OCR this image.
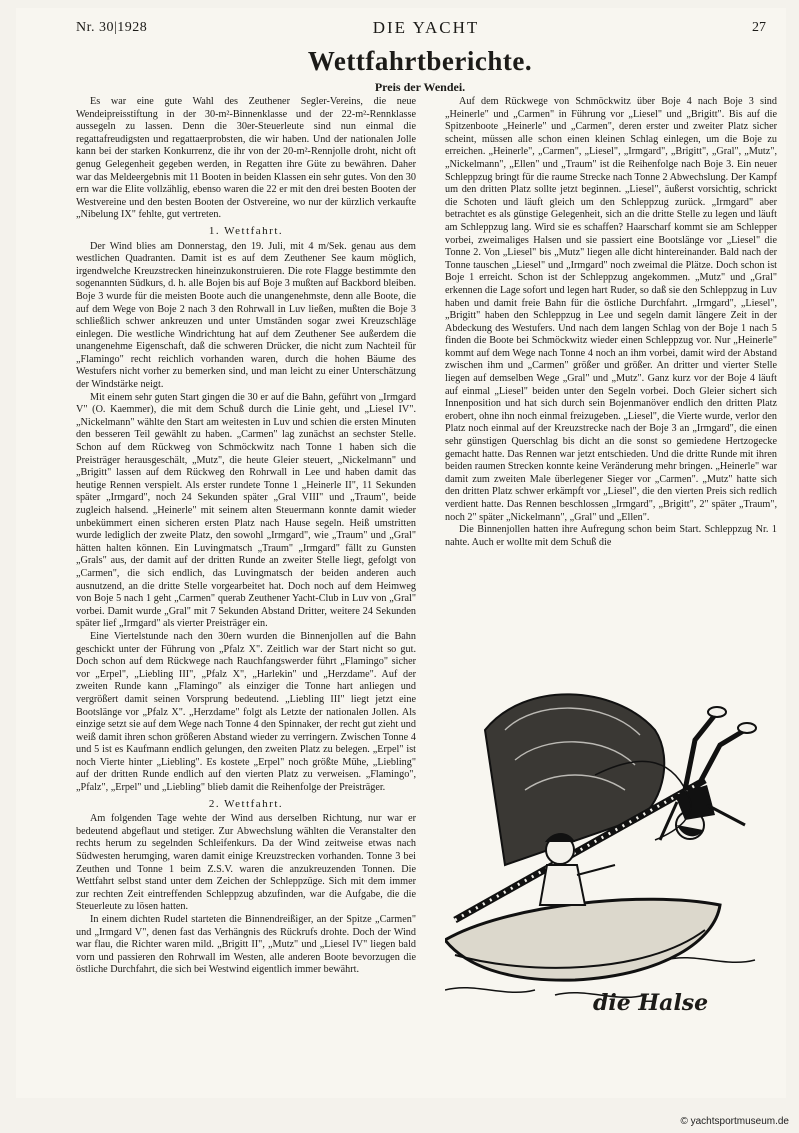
Nr. 30|1928	DIE YACHT	27
Wettfahrtberichte.
Preis der Wendei.

Es war eine gute Wahl des Zeuthener Segler-Vereins, die neue Wendeipreisstiftung in der 30-m²-Binnenklasse und der 22-m²-Rennklasse aussegeln zu lassen. Denn die 30er-Steuerleute sind nun einmal die regattafreudigsten und regattaerprobsten, die wir haben. Und der nationalen Jolle kann bei der starken Konkurrenz, die ihr von der 20-m²-Rennjolle droht, nicht oft genug Gelegenheit gegeben werden, in Regatten ihre Güte zu bewähren. Daher war das Meldeergebnis mit 11 Booten in beiden Klassen ein sehr gutes. Von den 30 ern war die Elite vollzählig, ebenso waren die 22 er mit den drei besten Booten der Westvereine und den besten Booten der Ostvereine, wo nur der kürzlich verkaufte „Nibelung IX" fehlte, gut vertreten.

1. Wettfahrt.

Der Wind blies am Donnerstag, den 19. Juli, mit 4 m/Sek. genau aus dem westlichen Quadranten. Damit ist es auf dem Zeuthener See kaum möglich, irgendwelche Kreuzstrecken hineinzukonstruieren. Die rote Flagge bestimmte den sogenannten Südkurs, d. h. alle Bojen bis auf Boje 3 mußten auf Backbord bleiben. Boje 3 wurde für die meisten Boote auch die unangenehmste, denn alle Boote, die auf dem Wege von Boje 2 nach 3 den Rohrwall in Luv ließen, mußten die Boje 3 schließlich schwer ankreuzen und unter Umständen sogar zwei Kreuzschläge einlegen. Die westliche Windrichtung hat auf dem Zeuthener See außerdem die unangenehme Eigenschaft, daß die schweren Drücker, die nicht zum Nachteil für „Flamingo" recht reichlich vorhanden waren, durch die hohen Bäume des Westufers nicht vorher zu bemerken sind, und man leicht zu einer Unterschätzung der Windstärke neigt.

Mit einem sehr guten Start gingen die 30 er auf die Bahn, geführt von „Irmgard V" (O. Kaemmer), die mit dem Schuß durch die Linie geht, und „Liesel IV". „Nickelmann" wählte den Start am weitesten in Luv und schien die ersten Minuten den besseren Teil gewählt zu haben. „Carmen" lag zunächst an sechster Stelle. Schon auf dem Rückweg von Schmöckwitz nach Tonne 1 haben sich die Preisträger herausgeschält, „Mutz", die heute Gleier steuert, „Nickelmann" und „Brigitt" lassen auf dem Rückweg den Rohrwall in Lee und haben damit das heutige Rennen verspielt. Als erster rundete Tonne 1 „Heinerle II", 11 Sekunden später „Irmgard", noch 24 Sekunden später „Gral VIII" und „Traum", beide zugleich halsend. „Heinerle" mit seinem alten Steuermann konnte damit wieder unbekümmert einen sicheren ersten Platz nach Hause segeln. Heiß umstritten wurde lediglich der zweite Platz, den sowohl „Irmgard", wie „Traum" und „Gral" hätten halten können. Ein Luvingmatsch „Traum" „Irmgard" fällt zu Gunsten „Grals" aus, der damit auf der dritten Runde an zweiter Stelle liegt, gefolgt von „Carmen", die sich endlich, das Luvingmatsch der beiden anderen auch ausnutzend, an die dritte Stelle vorgearbeitet hat. Doch noch auf dem Heimweg von Boje 5 nach 1 geht „Carmen" querab Zeuthener Yacht-Club in Luv von „Gral" vorbei. Damit wurde „Gral" mit 7 Sekunden Abstand Dritter, weitere 24 Sekunden später lief „Irmgard" als vierter Preisträger ein.

Eine Viertelstunde nach den 30ern wurden die Binnenjollen auf die Bahn geschickt unter der Führung von „Pfalz X". Zeitlich war der Start nicht so gut. Doch schon auf dem Rückwege nach Rauchfangswerder führt „Flamingo" sicher vor „Erpel", „Liebling III", „Pfalz X", „Harlekin" und „Herzdame". Auf der zweiten Runde kann „Flamingo" als einziger die Tonne hart anliegen und vergrößert damit seinen Vorsprung bedeutend. „Liebling III" liegt jetzt eine Bootslänge vor „Pfalz X". „Herzdame" folgt als Letzte der nationalen Jollen. Als einzige setzt sie auf dem Wege nach Tonne 4 den Spinnaker, der recht gut zieht und weiß damit ihren schon größeren Abstand wieder zu verringern. Zwischen Tonne 4 und 5 ist es Kaufmann endlich gelungen, den zweiten Platz zu belegen. „Erpel" ist noch Vierte hinter „Liebling". Es kostete „Erpel" noch größte Mühe, „Liebling" auf der dritten Runde endlich auf den vierten Platz zu verweisen. „Flamingo", „Pfalz", „Erpel" und „Liebling" blieb damit die Reihenfolge der Preisträger.

2. Wettfahrt.

Am folgenden Tage wehte der Wind aus derselben Richtung, nur war er bedeutend abgeflaut und stetiger. Zur Abwechslung wählten die Veranstalter den rechts herum zu segelnden Schleifenkurs. Da der Wind zeitweise etwas nach Südwesten herumging, waren damit einige Kreuzstrecken vorhanden. Tonne 3 bei Zeuthen und Tonne 1 beim Z.S.V. waren die anzukreuzenden Tonnen. Die Wettfahrt selbst stand unter dem Zeichen der Schleppzüge. Sich mit dem immer zur rechten Zeit eintreffenden Schleppzug abzufinden, war die Aufgabe, die die Steuerleute zu lösen hatten.

In einem dichten Rudel starteten die Binnendreißiger, an der Spitze „Carmen" und „Irmgard V", denen fast das Verhängnis des Rückrufs drohte. Doch der Wind war flau, die Richter waren mild. „Brigitt II", „Mutz" und „Liesel IV" liegen bald vorn und passieren den Rohrwall im Westen, alle anderen Boote bevorzugen die östliche Durchfahrt, die sich bei Westwind eigentlich immer bewährt.

Auf dem Rückwege von Schmöckwitz über Boje 4 nach Boje 3 sind „Heinerle" und „Carmen" in Führung vor „Liesel" und „Brigitt". Bis auf die Spitzenboote „Heinerle" und „Carmen", deren erster und zweiter Platz sicher scheint, müssen alle schon einen kleinen Schlag einlegen, um die Boje zu erreichen. „Heinerle", „Carmen", „Liesel", „Irmgard", „Brigitt", „Gral", „Mutz", „Nickelmann", „Ellen" und „Traum" ist die Reihenfolge nach Boje 3. Ein neuer Schleppzug bringt für die raume Strecke nach Tonne 2 Abwechslung. Der Kampf um den dritten Platz sollte jetzt beginnen. „Liesel", äußerst vorsichtig, schrickt die Schoten und läuft gleich um den Schleppzug zurück. „Irmgard" aber betrachtet es als günstige Gelegenheit, sich an die dritte Stelle zu legen und läuft am Schleppzug lang. Wird sie es schaffen? Haarscharf kommt sie am Schlepper vorbei, zweimaliges Halsen und sie passiert eine Bootslänge vor „Liesel" die Tonne 2. Von „Liesel" bis „Mutz" liegen alle dicht hintereinander. Bald nach der Tonne tauschen „Liesel" und „Irmgard" noch zweimal die Plätze. Doch schon ist Boje 1 erreicht. Schon ist der Schleppzug angekommen. „Mutz" und „Gral" erkennen die Lage sofort und legen hart Ruder, so daß sie den Schleppzug in Luv haben und damit freie Bahn für die östliche Durchfahrt. „Irmgard", „Liesel", „Brigitt" haben den Schleppzug in Lee und segeln damit längere Zeit in der Abdeckung des Westufers. Und nach dem langen Schlag von der Boje 1 nach 5 finden die Boote bei Schmöckwitz wieder einen Schleppzug vor. Nur „Heinerle" kommt auf dem Wege nach Tonne 4 noch an ihm vorbei, damit wird der Abstand zwischen ihm und „Carmen" größer und größer. An dritter und vierter Stelle liegen auf demselben Wege „Gral" und „Mutz". Ganz kurz vor der Boje 4 läuft auf einmal „Liesel" beiden unter den Segeln vorbei. Doch Gleier sichert sich Innenposition und hat sich durch sein Bojenmanöver endlich den dritten Platz erobert, ohne ihn noch einmal freizugeben. „Liesel", die Vierte wurde, verlor den Platz noch einmal auf der Kreuzstrecke nach der Boje 3 an „Irmgard", die einen sehr günstigen Querschlag bis dicht an die sonst so gemiedene Hertzogecke gemacht hatte. Das Rennen war jetzt entschieden. Und die dritte Runde mit ihren beiden raumen Strecken konnte keine Veränderung mehr bringen. „Heinerle" war damit zum zweiten Male überlegener Sieger vor „Carmen". „Mutz" hatte sich den dritten Platz schwer erkämpft vor „Liesel", die den vierten Preis sich redlich verdient hatte. Das Rennen beschlossen „Irmgard", „Brigitt", 2" später „Traum", noch 2" später „Nickelmann", „Gral" und „Ellen".

Die Binnenjollen hatten ihre Aufregung schon beim Start. Schleppzug Nr. 1 nahte. Auch er wollte mit dem Schuß die

die Halse
© yachtsportmuseum.de
